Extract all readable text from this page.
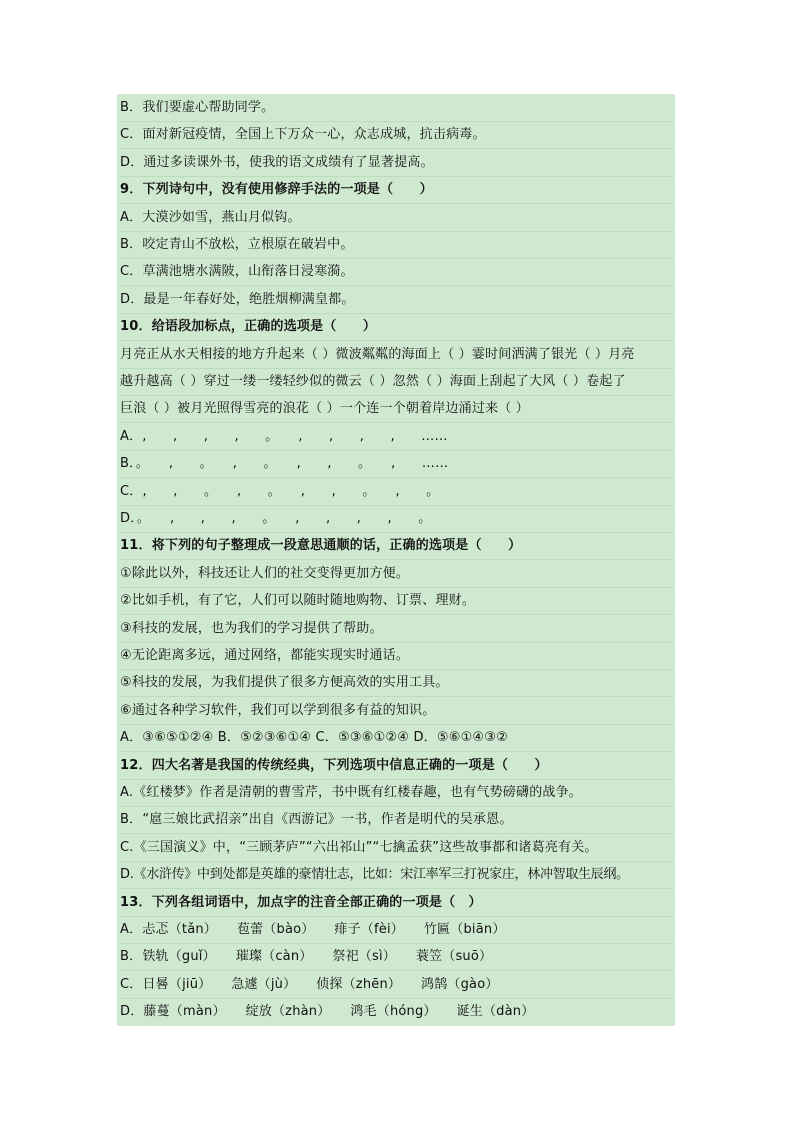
B．我们要虚心帮助同学。
C．面对新冠疫情，全国上下万众一心，众志成城，抗击病毒。
D．通过多读课外书，使我的语文成绩有了显著提高。
9．下列诗句中，没有使用修辞手法的一项是（　　）
A．大漠沙如雪，燕山月似钩。
B．咬定青山不放松，立根原在破岩中。
C．草满池塘水满陂，山衔落日浸寒漪。
D．最是一年春好处，绝胜烟柳满皇都。
10．给语段加标点，正确的选项是（　　）
月亮正从水天相接的地方升起来（ ）微波粼粼的海面上（ ）霎时间洒满了银光（ ）月亮
越升越高（ ）穿过一缕一缕轻纱似的微云（ ）忽然（ ）海面上刮起了大风（ ）卷起了
巨浪（ ）被月光照得雪亮的浪花（ ）一个连一个朝着岸边涌过来（ ）
A．,　　,　　,　　,　　。　　,　　,　　,　　,　　……
B．。　　,　　。　　,　　。　　,　　,　　。　　,　　……
C．,　　,　　。　　,　　。　　,　　,　　。　　,　　。
D．。　　,　　,　　,　　。　　,　　,　　,　　,　　。
11．将下列的句子整理成一段意思通顺的话，正确的选项是（　　）
①除此以外，科技还让人们的社交变得更加方便。
②比如手机，有了它，人们可以随时随地购物、订票、理财。
③科技的发展，也为我们的学习提供了帮助。
④无论距离多远，通过网络，都能实现实时通话。
⑤科技的发展，为我们提供了很多方便高效的实用工具。
⑥通过各种学习软件，我们可以学到很多有益的知识。
A．③⑥⑤①②④ B．⑤②③⑥①④ C．⑤③⑥①②④ D．⑤⑥①④③②
12．四大名著是我国的传统经典，下列选项中信息正确的一项是（　　）
A.《红楼梦》作者是清朝的曹雪芹，书中既有红楼春趣，也有气势磅礴的战争。
B．“扈三娘比武招亲”出自《西游记》一书，作者是明代的吴承恩。
C.《三国演义》中，“三顾茅庐”“六出祁山”“七擒孟获”这些故事都和诸葛亮有关。
D.《水浒传》中到处都是英雄的豪情壮志，比如：宋江率军三打祝家庄，林冲智取生辰纲。
13．下列各组词语中，加点字的注音全部正确的一项是（　）
A．忐忑（tǎn）　　苞蕾（bào）　　痱子（fèi）　　竹匾（biān）
B．铁轨（guǐ）　　璀璨（càn）　　祭祀（sì）　　蓑笠（suō）
C．日晷（jiū）　　急遽（jù）　　侦探（zhēn）　　鸿鹄（gào）
D．藤蔓（màn）　　绽放（zhàn）　　鸿毛（hóng）　　诞生（dàn）
